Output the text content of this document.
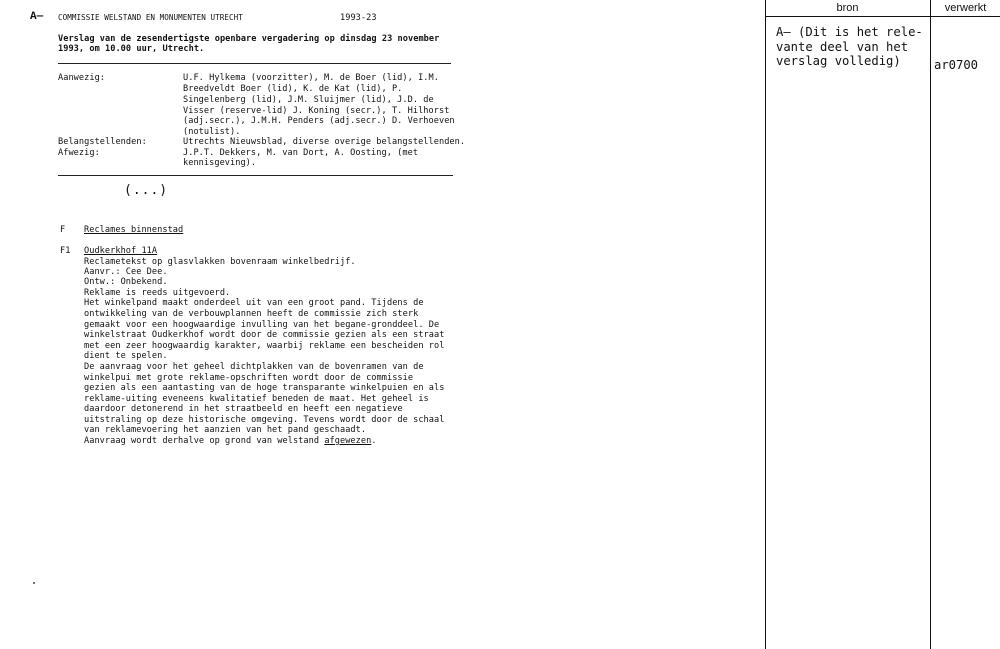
A— COMMISSIE WELSTAND EN MONUMENTEN UTRECHT	1993-23
Verslag van de zesendertigste openbare vergadering op dinsdag 23 november
1993, om 10.00 uur, Utrecht.
Aanwezig:	U.F. Hylkema (voorzitter), M. de Boer (lid), I.M.
Breedveldt Boer (lid), K. de Kat (lid), P.
Singelenberg (lid), J.M. Sluijmer (lid), J.D. de
Visser (reserve-lid) J. Koning (secr.), T. Hilhorst
(adj.secr.), J.M.H. Penders (adj.secr.) D. Verhoeven
(notulist).
Belangstellenden:	Utrechts Nieuwsblad, diverse overige belangstellenden.
Afwezig:	J.P.T. Dekkers, M. van Dort, A. Oosting, (met
kennisgeving).
(...)
F Reclames binnenstad
F1 Oudkerkhof 11A
Reclametekst op glasvlakken bovenraam winkelbedrijf.
Aanvr.: Cee Dee.
Ontw.: Onbekend.
Reklame is reeds uitgevoerd.
Het winkelpand maakt onderdeel uit van een groot pand. Tijdens de
ontwikkeling van de verbouwplannen heeft de commissie zich sterk
gemaakt voor een hoogwaardige invulling van het begane-gronddeel. De
winkelstraat Oudkerkhof wordt door de commissie gezien als een straat
met een zeer hoogwaardig karakter, waarbij reklame een bescheiden rol
dient te spelen.
De aanvraag voor het geheel dichtplakken van de bovenramen van de
winkelpui met grote reklame-opschriften wordt door de commissie
gezien als een aantasting van de hoge transparante winkelpuien en als
reklame-uiting eveneens kwalitatief beneden de maat. Het geheel is
daardoor detonerend in het straatbeeld en heeft een negatieve
uitstraling op deze historische omgeving. Tevens wordt door de schaal
van reklamevoering het aanzien van het pand geschaadt.
Aanvraag wordt derhalve op grond van welstand afgewezen.
bron	verwerkt
A— (Dit is het rele-
vante deel van het
verslag volledig)	ar0700
